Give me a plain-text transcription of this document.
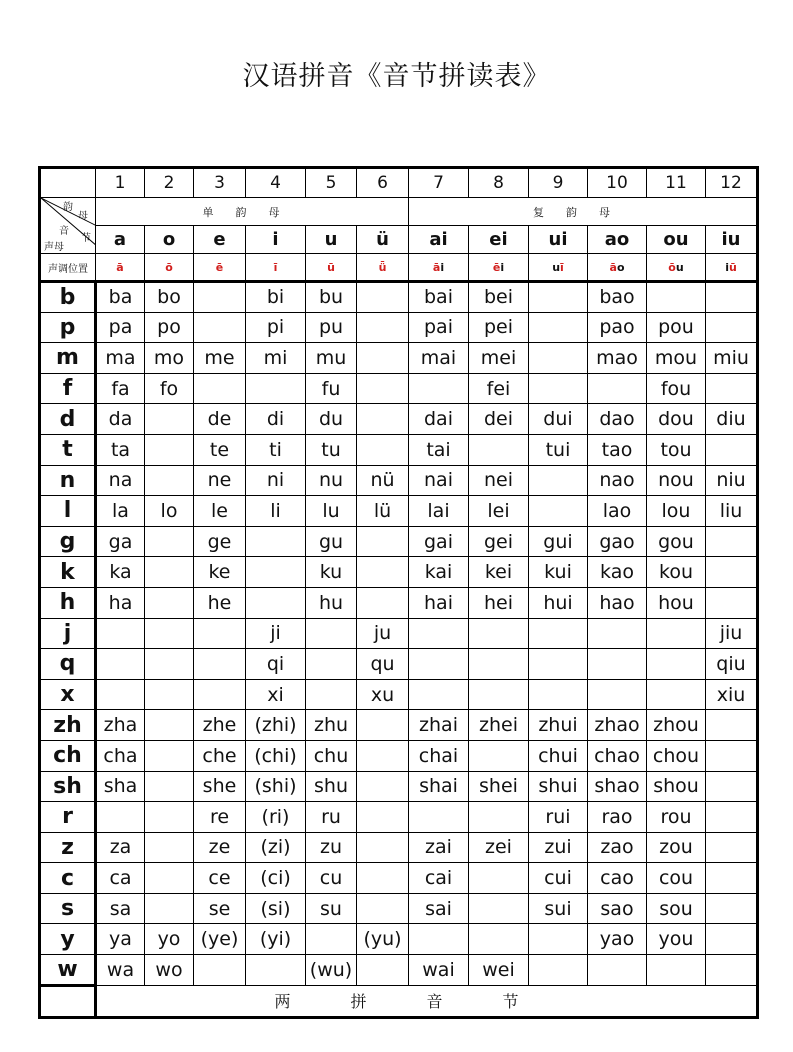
汉语拼音《音节拼读表》
	1	2	3	4	5	6	7	8	9	10	11	12

韵
母
音
节
声母	单韵母						复韵母					
	a	o	e	i	u	ü	ai	ei	ui	ao	ou	iu
声调位置	ā	ō	ē	ī	ū	ǖ	āi	ēi	uī	āo	ōu	iū
b	ba	bo		bi	bu		bai	bei		bao		
p	pa	po		pi	pu		pai	pei		pao	pou	
m	ma	mo	me	mi	mu		mai	mei		mao	mou	miu
f	fa	fo			fu			fei			fou	
d	da		de	di	du		dai	dei	dui	dao	dou	diu
t	ta		te	ti	tu		tai		tui	tao	tou	
n	na		ne	ni	nu	nü	nai	nei		nao	nou	niu
l	la	lo	le	li	lu	lü	lai	lei		lao	lou	liu
g	ga		ge		gu		gai	gei	gui	gao	gou	
k	ka		ke		ku		kai	kei	kui	kao	kou	
h	ha		he		hu		hai	hei	hui	hao	hou	
j				ji		ju						jiu
q				qi		qu						qiu
x				xi		xu						xiu
zh	zha		zhe	(zhi)	zhu		zhai	zhei	zhui	zhao	zhou	
ch	cha		che	(chi)	chu		chai		chui	chao	chou	
sh	sha		she	(shi)	shu		shai	shei	shui	shao	shou	
r			re	(ri)	ru				rui	rao	rou	
z	za		ze	(zi)	zu		zai	zei	zui	zao	zou	
c	ca		ce	(ci)	cu		cai		cui	cao	cou	
s	sa		se	(si)	su		sai		sui	sao	sou	
y	ya	yo	(ye)	(yi)		(yu)				yao	you	
w	wa	wo			(wu)		wai	wei				
	两拼音节											
